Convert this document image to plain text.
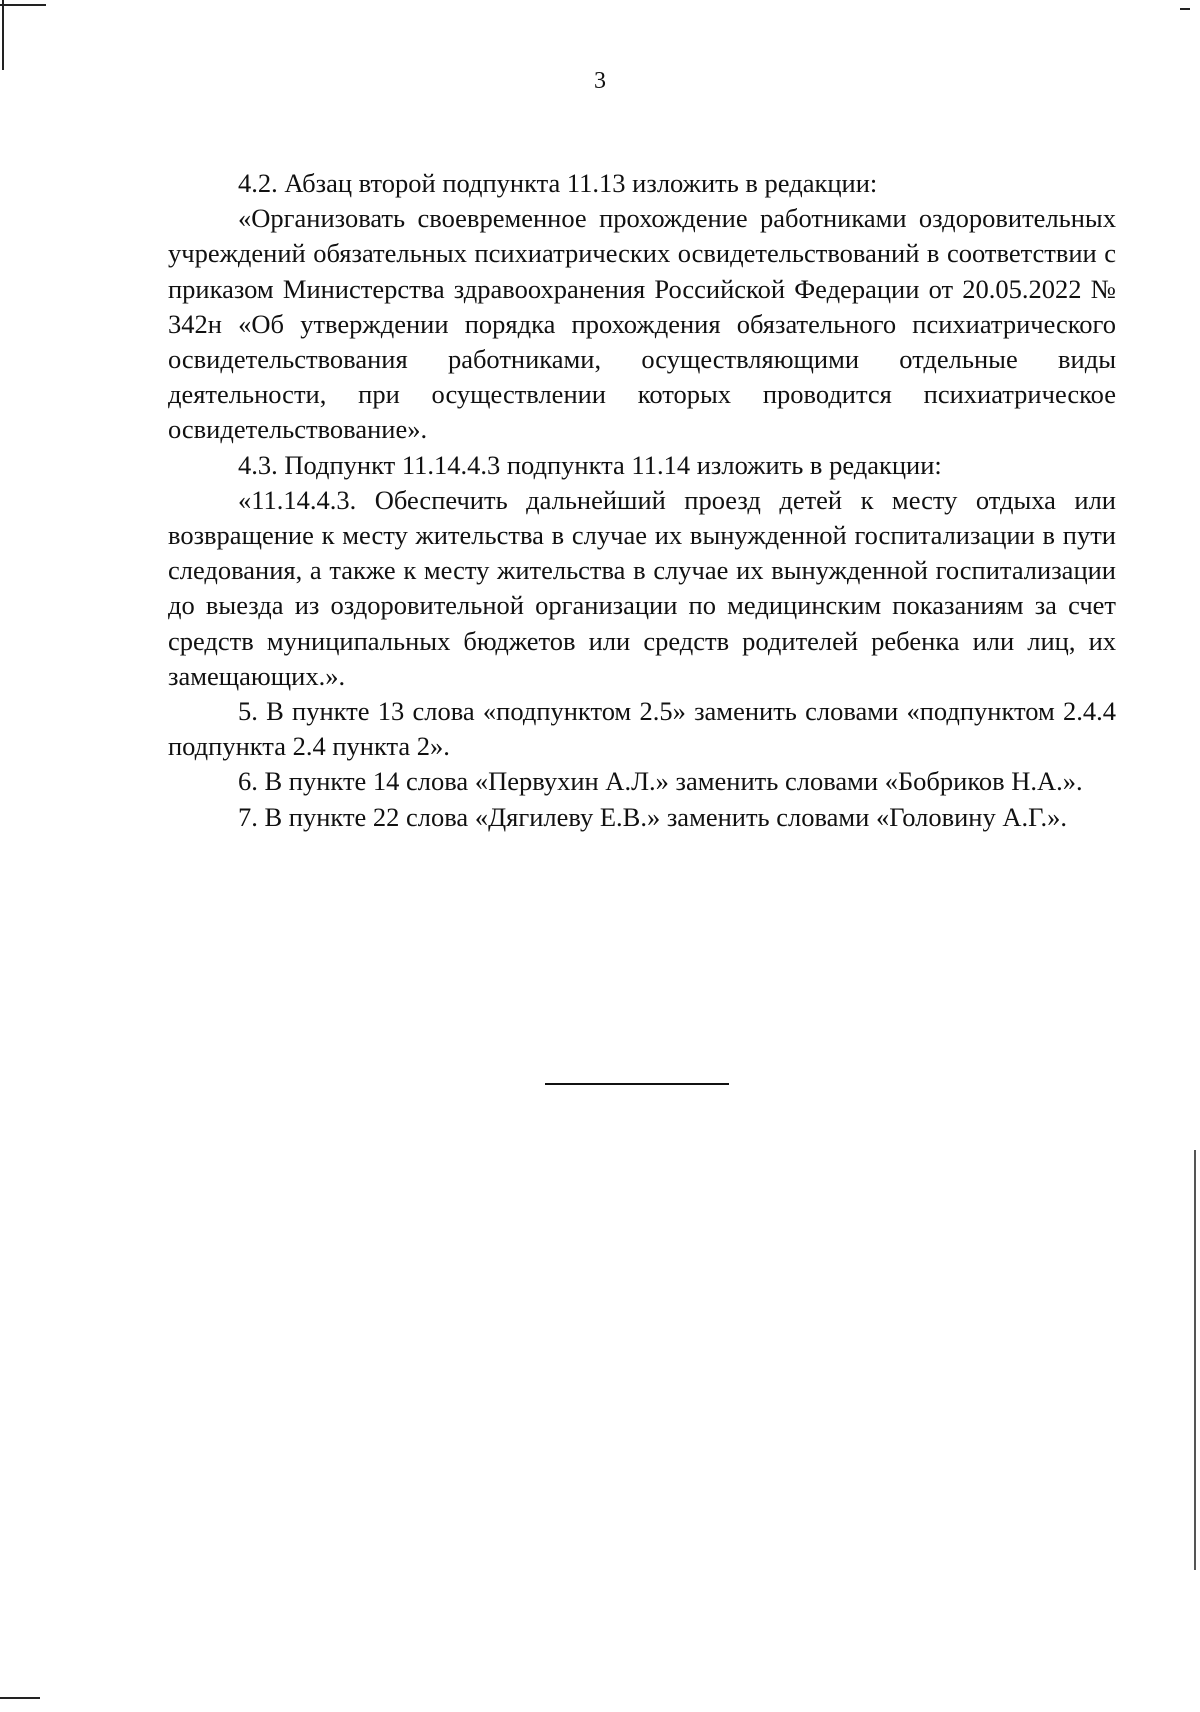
3

4.2. Абзац второй подпункта 11.13 изложить в редакции:

«Организовать своевременное прохождение работниками оздоровительных учреждений обязательных психиатрических освидетельствований в соответствии с приказом Министерства здравоохранения Российской Федерации от 20.05.2022 № 342н «Об утверждении порядка прохождения обязательного психиатрического освидетельствования работниками, осуществляющими отдельные виды деятельности, при осуществлении которых проводится психиатрическое освидетельствование».

4.3. Подпункт 11.14.4.3 подпункта 11.14 изложить в редакции:

«11.14.4.3. Обеспечить дальнейший проезд детей к месту отдыха или возвращение к месту жительства в случае их вынужденной госпитализации в пути следования, а также к месту жительства в случае их вынужденной госпитализации до выезда из оздоровительной организации по медицинским показаниям за счет средств муниципальных бюджетов или средств родителей ребенка или лиц, их замещающих.».

5. В пункте 13 слова «подпунктом 2.5» заменить словами «подпунктом 2.4.4 подпункта 2.4 пункта 2».

6. В пункте 14 слова «Первухин А.Л.» заменить словами «Бобриков Н.А.».

7. В пункте 22 слова «Дягилеву Е.В.» заменить словами «Головину А.Г.».
